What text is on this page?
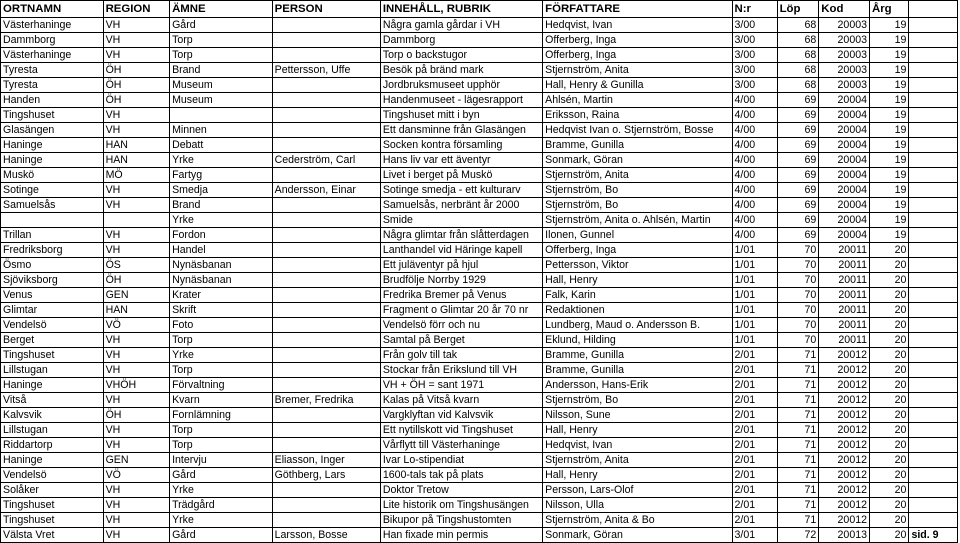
ORTNAMN	REGION	ÄMNE	PERSON	INNEHÅLL, RUBRIK	FÖRFATTARE	N:r	Löp	Kod	Årg	
Västerhaninge	VH	Gård		Några gamla gårdar i VH	Hedqvist, Ivan	3/00	68	20003	19	
Dammborg	VH	Torp		Dammborg	Offerberg, Inga	3/00	68	20003	19	
Västerhaninge	VH	Torp		Torp o backstugor	Offerberg, Inga	3/00	68	20003	19	
Tyresta	ÖH	Brand	Pettersson, Uffe	Besök på bränd mark	Stjernström, Anita	3/00	68	20003	19	
Tyresta	ÖH	Museum		Jordbruksmuseet upphör	Hall, Henry & Gunilla	3/00	68	20003	19	
Handen	ÖH	Museum		Handenmuseet - lägesrapport	Ahlsén, Martin	4/00	69	20004	19	
Tingshuset	VH			Tingshuset mitt i byn	Eriksson, Raina	4/00	69	20004	19	
Glasängen	VH	Minnen		Ett dansminne från Glasängen	Hedqvist Ivan o. Stjernström, Bosse	4/00	69	20004	19	
Haninge	HAN	Debatt		Socken kontra församling	Bramme, Gunilla	4/00	69	20004	19	
Haninge	HAN	Yrke	Cederström, Carl	Hans liv var ett äventyr	Sonmark, Göran	4/00	69	20004	19	
Muskö	MÖ	Fartyg		Livet i berget på Muskö	Stjernström, Anita	4/00	69	20004	19	
Sotinge	VH	Smedja	Andersson, Einar	Sotinge smedja - ett kulturarv	Stjernström, Bo	4/00	69	20004	19	
Samuelsås	VH	Brand		Samuelsås, nerbränt år 2000	Stjernström, Bo	4/00	69	20004	19	
		Yrke		Smide	Stjernström, Anita o. Ahlsén, Martin	4/00	69	20004	19	
Trillan	VH	Fordon		Några glimtar från slåtterdagen	Ilonen, Gunnel	4/00	69	20004	19	
Fredriksborg	VH	Handel		Lanthandel vid Häringe kapell	Offerberg, Inga	1/01	70	20011	20	
Ösmo	ÖS	Nynäsbanan		Ett juläventyr på hjul	Pettersson, Viktor	1/01	70	20011	20	
Sjöviksborg	ÖH	Nynäsbanan		Brudfölje Norrby 1929	Hall, Henry	1/01	70	20011	20	
Venus	GEN	Krater		Fredrika Bremer på Venus	Falk, Karin	1/01	70	20011	20	
Glimtar	HAN	Skrift		Fragment o Glimtar 20 år 70 nr	Redaktionen	1/01	70	20011	20	
Vendelsö	VÖ	Foto		Vendelsö förr och nu	Lundberg, Maud o. Andersson B.	1/01	70	20011	20	
Berget	VH	Torp		Samtal på Berget	Eklund, Hilding	1/01	70	20011	20	
Tingshuset	VH	Yrke		Från golv till tak	Bramme, Gunilla	2/01	71	20012	20	
Lillstugan	VH	Torp		Stockar från Erikslund till VH	Bramme, Gunilla	2/01	71	20012	20	
Haninge	VHÖH	Förvaltning		VH + ÖH = sant 1971	Andersson, Hans-Erik	2/01	71	20012	20	
Vitså	VH	Kvarn	Bremer, Fredrika	Kalas på Vitså kvarn	Stjernström, Bo	2/01	71	20012	20	
Kalvsvik	ÖH	Fornlämning		Vargklyftan vid Kalvsvik	Nilsson, Sune	2/01	71	20012	20	
Lillstugan	VH	Torp		Ett nytillskott vid Tingshuset	Hall, Henry	2/01	71	20012	20	
Riddartorp	VH	Torp		Vårflytt till Västerhaninge	Hedqvist, Ivan	2/01	71	20012	20	
Haninge	GEN	Intervju	Eliasson, Inger	Ivar Lo-stipendiat	Stjernström, Anita	2/01	71	20012	20	
Vendelsö	VÖ	Gård	Göthberg, Lars	1600-tals tak på plats	Hall, Henry	2/01	71	20012	20	
Solåker	VH	Yrke		Doktor Tretow	Persson, Lars-Olof	2/01	71	20012	20	
Tingshuset	VH	Trädgård		Lite historik om Tingshusängen	Nilsson, Ulla	2/01	71	20012	20	
Tingshuset	VH	Yrke		Bikupor på Tingshustomten	Stjernström, Anita & Bo	2/01	71	20012	20	
Välsta Vret	VH	Gård	Larsson, Bosse	Han fixade min permis	Sonmark, Göran	3/01	72	20013	20	sid. 9
